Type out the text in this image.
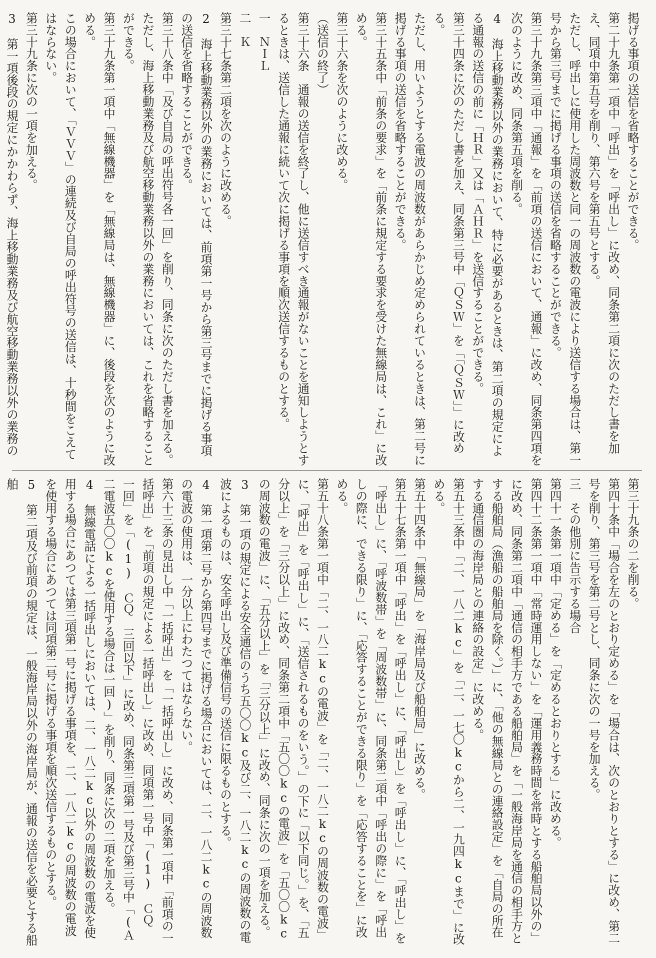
掲げる事項の送信を省略することができる。

第二十九条第一項中「呼出」を「呼出し」に改め、同条第二項に次のただし書を加え、同項中第五号を削り、第六号を第五号とする。

ただし、呼出しに使用した周波数と同一の周波数の電波により送信する場合は、第一号から第三号までに掲げる事項の送信を省略することができる。

第三十九条第三項中「通報」を「前項の送信において、通報」に改め、同条第四項を次のように改め、同条第五項を削る。

4　海上移動業務以外の業務において、特に必要があるときは、第二項の規定による通報の送信の前に「ＨＲ」又は「ＡＨＲ」を送信することができる。

第三十四条に次のただし書を加え、同条第三号中「ＱＳＷ」を「「ＱＳＷ」」に改める。

ただし、用いようとする電波の周波数があらかじめ定められているときは、第二号に掲げる事項の送信を省略することができる。

第三十五条中「前条の要求」を「前条に規定する要求を受けた無線局は、これ」に改める。

第三十六条を次のように改める。

（送信の終了）

第三十六条　通報の送信を終了し、他に送信すべき通報がないことを通知しようとするときは、送信した通報に続いて次に掲げる事項を順次送信するものとする。

一　ＮＩＬ

二　Ｋ

第三十七条第二項を次のように改める。

2　海上移動業務以外の業務においては、前項第一号から第三号までに掲げる事項の送信を省略することができる。

第三十八条中「及び自局の呼出符号各一回」を削り、同条に次のただし書を加える。

ただし、海上移動業務及び航空移動業務以外の業務においては、これを省略することができる。

第三十九条第一項中「無線機器」を「無線局は、無線機器」に、後段を次のように改める。

この場合において、「ＶＶＶ」の連続及び自局の呼出符号の送信は、十秒間をこえてはならない。

第三十九条に次の一項を加える。

3　第一項後段の規定にかかわらず、海上移動業務及び航空移動業務以外の業務の

第三十九条の二を削る。

第四十条中「場合を左のとおり定める」を「場合は、次のとおりとする」に改め、第二号を削り、第三号を第二号とし、同条に次の一号を加える。

三　その他別に告示する場合

第四十一条第一項中「定める」を「定めるとおりとする」に改める。

第四十二条第一項中「常時運用しない」を「運用義務時間を常時とする船舶局以外の」に改め、同条第二項中「通信の相手方である船舶局」を「一般海岸局を通信の相手方とする船舶局（漁船の船舶局を除く。）」に、「他の無線局との連絡設定」を「自局の所在する通信圏の海岸局との連絡の設定」に改める。

第五十三条中「二、一八二kc」を「二、一七〇kcから二、一九四kcまで」に改める。

第五十四条中「無線局」を「海岸局及び船舶局」に改める。

第五十七条第一項中「呼出」を「呼出し」に、「呼出し」を「呼出し」に、「呼出し」を「呼出し」に、「呼波数帯」を「周波数帯」に、同条第二項中「呼出の際に」を「呼出しの際に、できる限り」に、「応答することができる限り」を「応答することを」に改める。

第五十八条第一項中「二、一八二kcの電波」を「二、一八二kcの周波数の電波」に、「呼出」を「呼出し」に、「送信されるものをいう。」の下に「以下同じ。」を、「五分以上」を「三分以上」に改め、同条第二項中「五〇〇kcの電波」を「五〇〇kcの周波数の電波」に、「五分以上」を「三分以上」に改め、同条に次の一項を加える。

3　第一項の規定による安全通信のうち五〇〇kc及び二、一八二kcの周波数の電波によるものは、安全呼出し及び準備信号の送信に限るものとする。

4　第一項第二号から第四号までに掲げる場合においては、二、一八二kcの周波数の電波の使用は、一分以上にわたつてはならない。

第六十三条の見出し中「一括呼出」を「一括呼出し」に改め、同条第一項中「前項の一括呼出」を「前項の規定による一括呼出し」に改め、同項第一号中「(1)　ＣＱ　一回」を「(1)　ＣＱ　三回以下」に改め、同条第三項第一号及び第三号中「(Ａ二電波五〇〇kcを使用する場合は一回)」を削り、同条に次の二項を加える。

4　無線電話による一括呼出しにおいては、二、一八二kc以外の周波数の電波を使用する場合にあつては第三項第一号に掲げる事項を、二、一八二kcの周波数の電波を使用する場合にあつては同項第二号に掲げる事項を順次送信するものとする。

5　第二項及び前項の規定は、一般海岸局以外の海岸局が、通報の送信を必要とする船舶
